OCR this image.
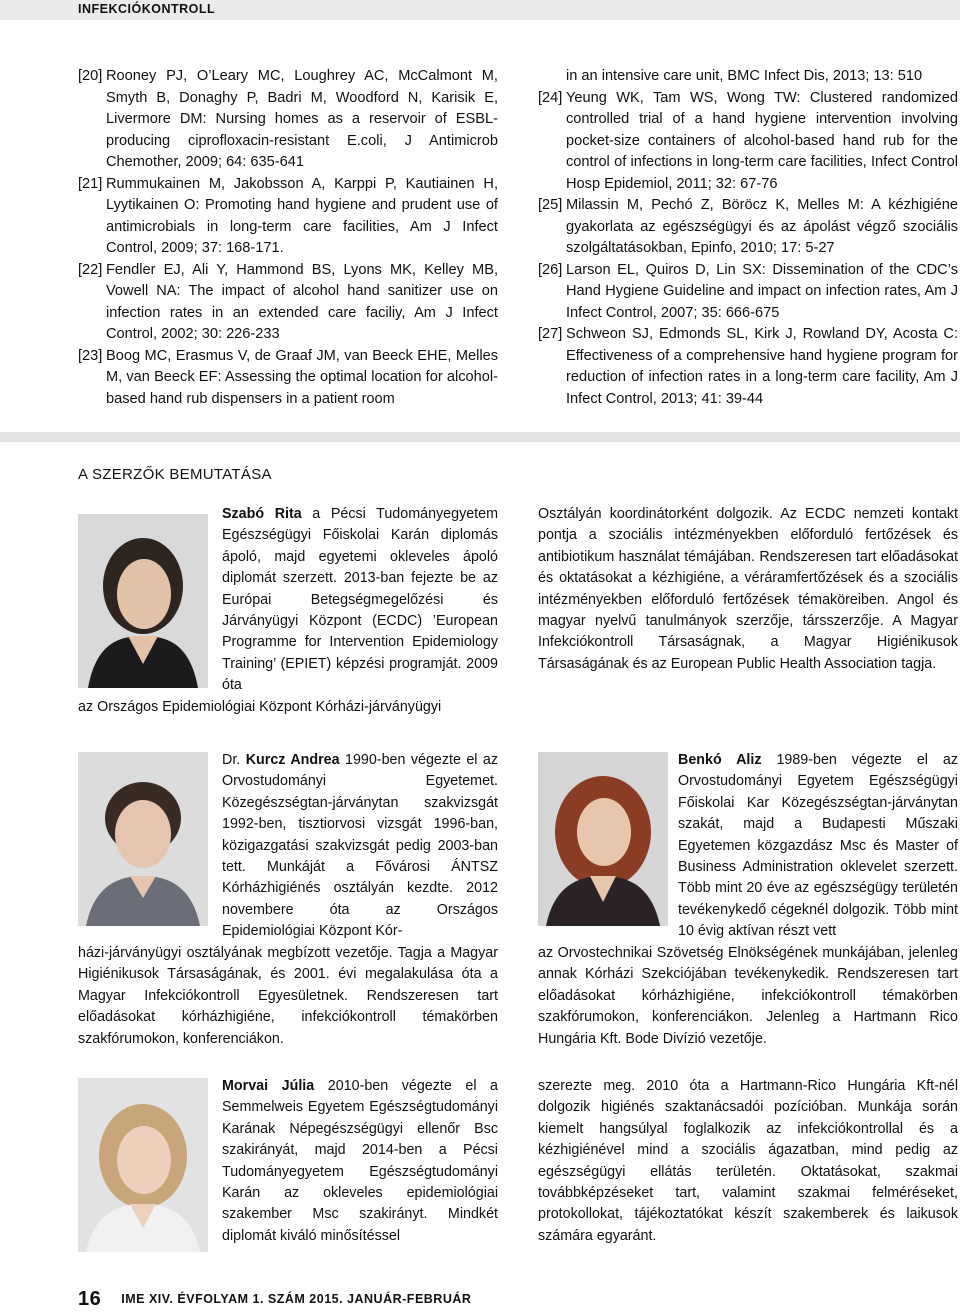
INFEKCIÓKONTROLL
[20] Rooney PJ, O’Leary MC, Loughrey AC, McCalmont M, Smyth B, Donaghy P, Badri M, Woodford N, Karisik E, Livermore DM: Nursing homes as a reservoir of ESBL-producing ciprofloxacin-resistant E.coli, J Antimicrob Chemother, 2009; 64: 635-641
[21] Rummukainen M, Jakobsson A, Karppi P, Kautiainen H, Lyytikainen O: Promoting hand hygiene and prudent use of antimicrobials in long-term care facilities, Am J Infect Control, 2009; 37: 168-171.
[22] Fendler EJ, Ali Y, Hammond BS, Lyons MK, Kelley MB, Vowell NA: The impact of alcohol hand sanitizer use on infection rates in an extended care faciliy, Am J Infect Control, 2002; 30: 226-233
[23] Boog MC, Erasmus V, de Graaf JM, van Beeck EHE, Melles M, van Beeck EF: Assessing the optimal location for alcohol-based hand rub dispensers in a patient room
in an intensive care unit, BMC Infect Dis, 2013; 13: 510
[24] Yeung WK, Tam WS, Wong TW: Clustered randomized controlled trial of a hand hygiene intervention involving pocket-size containers of alcohol-based hand rub for the control of infections in long-term care facilities, Infect Control Hosp Epidemiol, 2011; 32: 67-76
[25] Milassin M, Pechó Z, Böröcz K, Melles M: A kézhigiéne gyakorlata az egészségügyi és az ápolást végző szociális szolgáltatásokban, Epinfo, 2010; 17: 5-27
[26] Larson EL, Quiros D, Lin SX: Dissemination of the CDC’s Hand Hygiene Guideline and impact on infection rates, Am J Infect Control, 2007; 35: 666-675
[27] Schweon SJ, Edmonds SL, Kirk J, Rowland DY, Acosta C: Effectiveness of a comprehensive hand hygiene program for reduction of infection rates in a long-term care facility, Am J Infect Control, 2013; 41: 39-44
A SZERZŐK BEMUTATÁSA
Szabó Rita a Pécsi Tudományegyetem Egészségügyi Főiskolai Karán diplomás ápoló, majd egyetemi okleveles ápoló diplomát szerzett. 2013-ban fejezte be az Európai Betegségmegelőzési és Járványügyi Központ (ECDC) ’European Programme for Intervention Epidemiology Training’ (EPIET) képzési programját. 2009 óta
az Országos Epidemiológiai Központ Kórházi-járványügyi
Osztályán koordinátorként dolgozik. Az ECDC nemzeti kontakt pontja a szociális intézményekben előforduló fertőzések és antibiotikum használat témájában. Rendszeresen tart előadásokat és oktatásokat a kézhigiéne, a véráramfertőzések és a szociális intézményekben előforduló fertőzések témaköreiben. Angol és magyar nyelvű tanulmányok szerzője, társszerzője. A Magyar Infekciókontroll Társaságnak, a Magyar Higiénikusok Társaságának és az European Public Health Association tagja.
Dr. Kurcz Andrea 1990-ben végezte el az Orvostudományi Egyetemet. Közegészségtan-járványtan szakvizsgát 1992-ben, tisztiorvosi vizsgát 1996-ban, közigazgatási szakvizsgát pedig 2003-ban tett. Munkáját a Fővárosi ÁNTSZ Kórházhigiénés osztályán kezdte. 2012 novembere óta az Országos Epidemiológiai Központ Kór-
házi-járványügyi osztályának megbízott vezetője. Tagja a Magyar Higiénikusok Társaságának, és 2001. évi megalakulása óta a Magyar Infekciókontroll Egyesületnek. Rendszeresen tart előadásokat kórházhigiéne, infekciókontroll témakörben szakfórumokon, konferenciákon.
Benkó Aliz 1989-ben végezte el az Orvostudományi Egyetem Egészségügyi Főiskolai Kar Közegészségtan-járványtan szakát, majd a Budapesti Műszaki Egyetemen közgazdász Msc és Master of Business Administration oklevelet szerzett. Több mint 20 éve az egészségügy területén tevékenykedő cégeknél dolgozik. Több mint 10 évig aktívan részt vett
az Orvostechnikai Szövetség Elnökségének munkájában, jelenleg annak Kórházi Szekciójában tevékenykedik. Rendszeresen tart előadásokat kórházhigiéne, infekciókontroll témakörben szakfórumokon, konferenciákon. Jelenleg a Hartmann Rico Hungária Kft. Bode Divízió vezetője.
Morvai Júlia 2010-ben végezte el a Semmelweis Egyetem Egészségtudományi Karának Népegészségügyi ellenőr Bsc szakirányát, majd 2014-ben a Pécsi Tudományegyetem Egészségtudományi Karán az okleveles epidemiológiai szakember Msc szakirányt. Mindkét diplomát kiváló minősítéssel
szerezte meg. 2010 óta a Hartmann-Rico Hungária Kft-nél dolgozik higiénés szaktanácsadói pozícióban. Munkája során kiemelt hangsúlyal foglalkozik az infekciókontrollal és a kézhigiénével mind a szociális ágazatban, mind pedig az egészségügyi ellátás területén. Oktatásokat, szakmai továbbképzéseket tart, valamint szakmai felméréseket, protokollokat, tájékoztatókat készít szakemberek és laikusok számára egyaránt.
16 IME XIV. ÉVFOLYAM 1. SZÁM 2015. JANUÁR-FEBRUÁR
